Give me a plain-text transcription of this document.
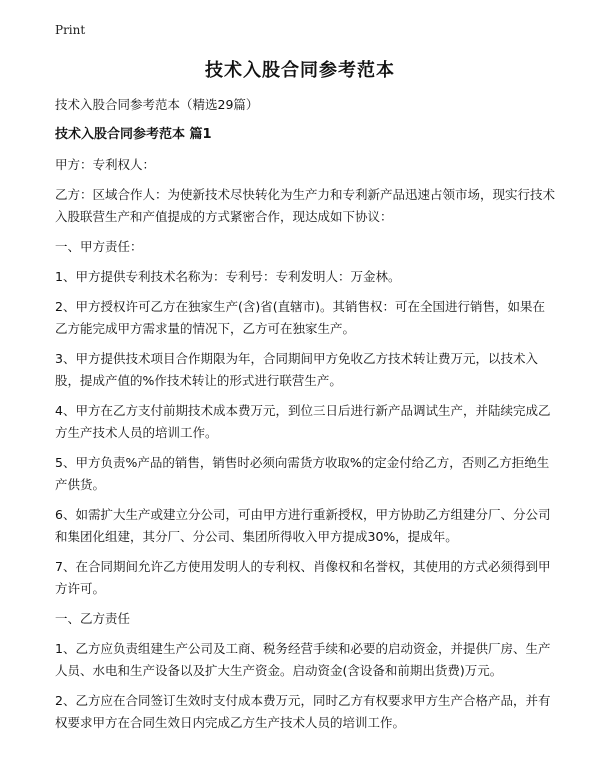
Print
技术入股合同参考范本

技术入股合同参考范本（精选29篇）

技术入股合同参考范本 篇1

甲方：专利权人：

乙方：区域合作人：为使新技术尽快转化为生产力和专利新产品迅速占领市场，现实行技术入股联营生产和产值提成的方式紧密合作，现达成如下协议：

一、甲方责任：

1、甲方提供专利技术名称为：专利号：专利发明人：万金林。

2、甲方授权许可乙方在独家生产(含)省(直辖市)。其销售权：可在全国进行销售，如果在乙方能完成甲方需求量的情况下，乙方可在独家生产。

3、甲方提供技术项目合作期限为年，合同期间甲方免收乙方技术转让费万元，以技术入股，提成产值的%作技术转让的形式进行联营生产。

4、甲方在乙方支付前期技术成本费万元，到位三日后进行新产品调试生产，并陆续完成乙方生产技术人员的培训工作。

5、甲方负责%产品的销售，销售时必须向需货方收取%的定金付给乙方，否则乙方拒绝生产供货。

6、如需扩大生产或建立分公司，可由甲方进行重新授权，甲方协助乙方组建分厂、分公司和集团化组建，其分厂、分公司、集团所得收入甲方提成30%，提成年。

7、在合同期间允许乙方使用发明人的专利权、肖像权和名誉权，其使用的方式必须得到甲方许可。

一、乙方责任

1、乙方应负责组建生产公司及工商、税务经营手续和必要的启动资金，并提供厂房、生产人员、水电和生产设备以及扩大生产资金。启动资金(含设备和前期出货费)万元。

2、乙方应在合同签订生效时支付成本费万元，同时乙方有权要求甲方生产合格产品，并有权要求甲方在合同生效日内完成乙方生产技术人员的培训工作。
